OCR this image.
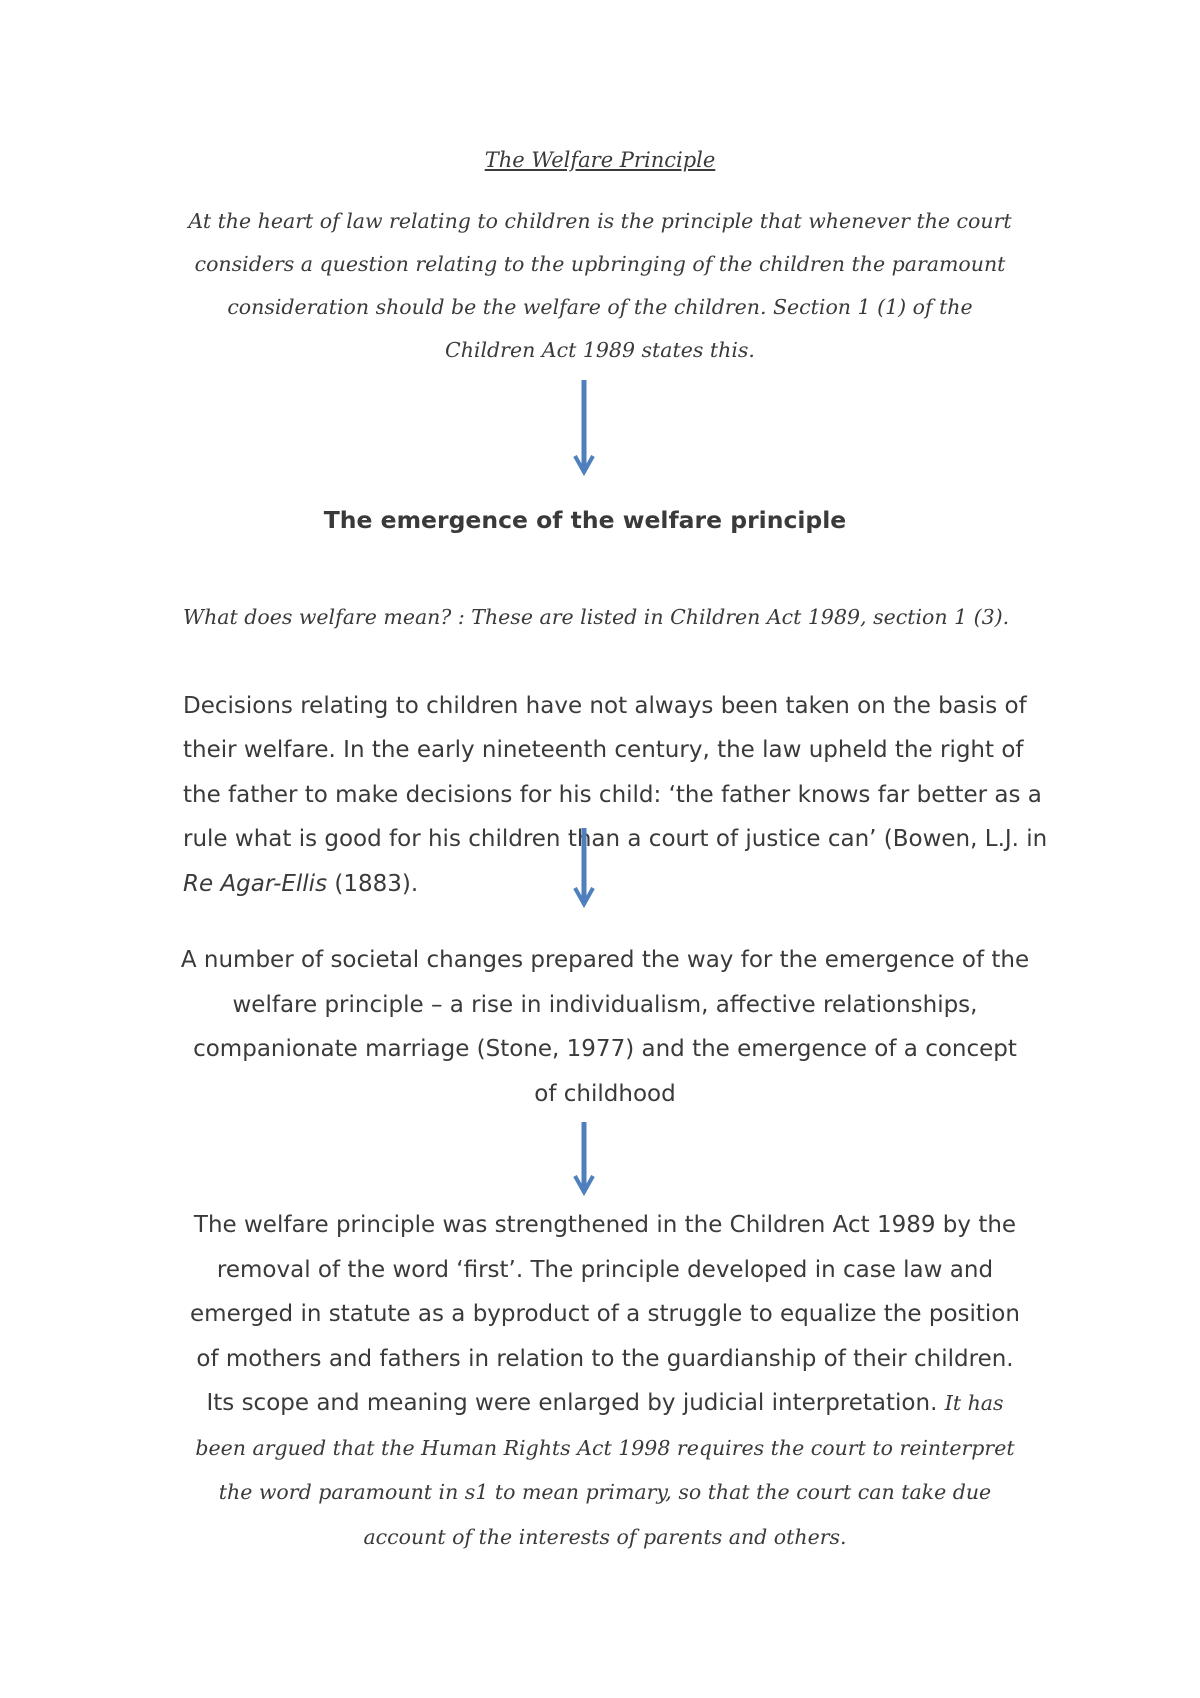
The Welfare Principle
At the heart of law relating to children is the principle that whenever the court considers a question relating to the upbringing of the children the paramount consideration should be the welfare of the children. Section 1 (1) of the Children Act 1989 states this.
The emergence of the welfare principle

What does welfare mean? : These are listed in Children Act 1989, section 1 (3).

Decisions relating to children have not always been taken on the basis of their welfare. In the early nineteenth century, the law upheld the right of the father to make decisions for his child: ‘the father knows far better as a rule what is good for his children than a court of justice can’ (Bowen, L.J. in Re Agar-Ellis (1883).

A number of societal changes prepared the way for the emergence of the welfare principle – a rise in individualism, affective relationships, companionate marriage (Stone, 1977) and the emergence of a concept of childhood
The welfare principle was strengthened in the Children Act 1989 by the removal of the word ‘first’. The principle developed in case law and emerged in statute as a byproduct of a struggle to equalize the position of mothers and fathers in relation to the guardianship of their children. Its scope and meaning were enlarged by judicial interpretation. It has been argued that the Human Rights Act 1998 requires the court to reinterpret the word paramount in s1 to mean primary, so that the court can take due account of the interests of parents and others.
